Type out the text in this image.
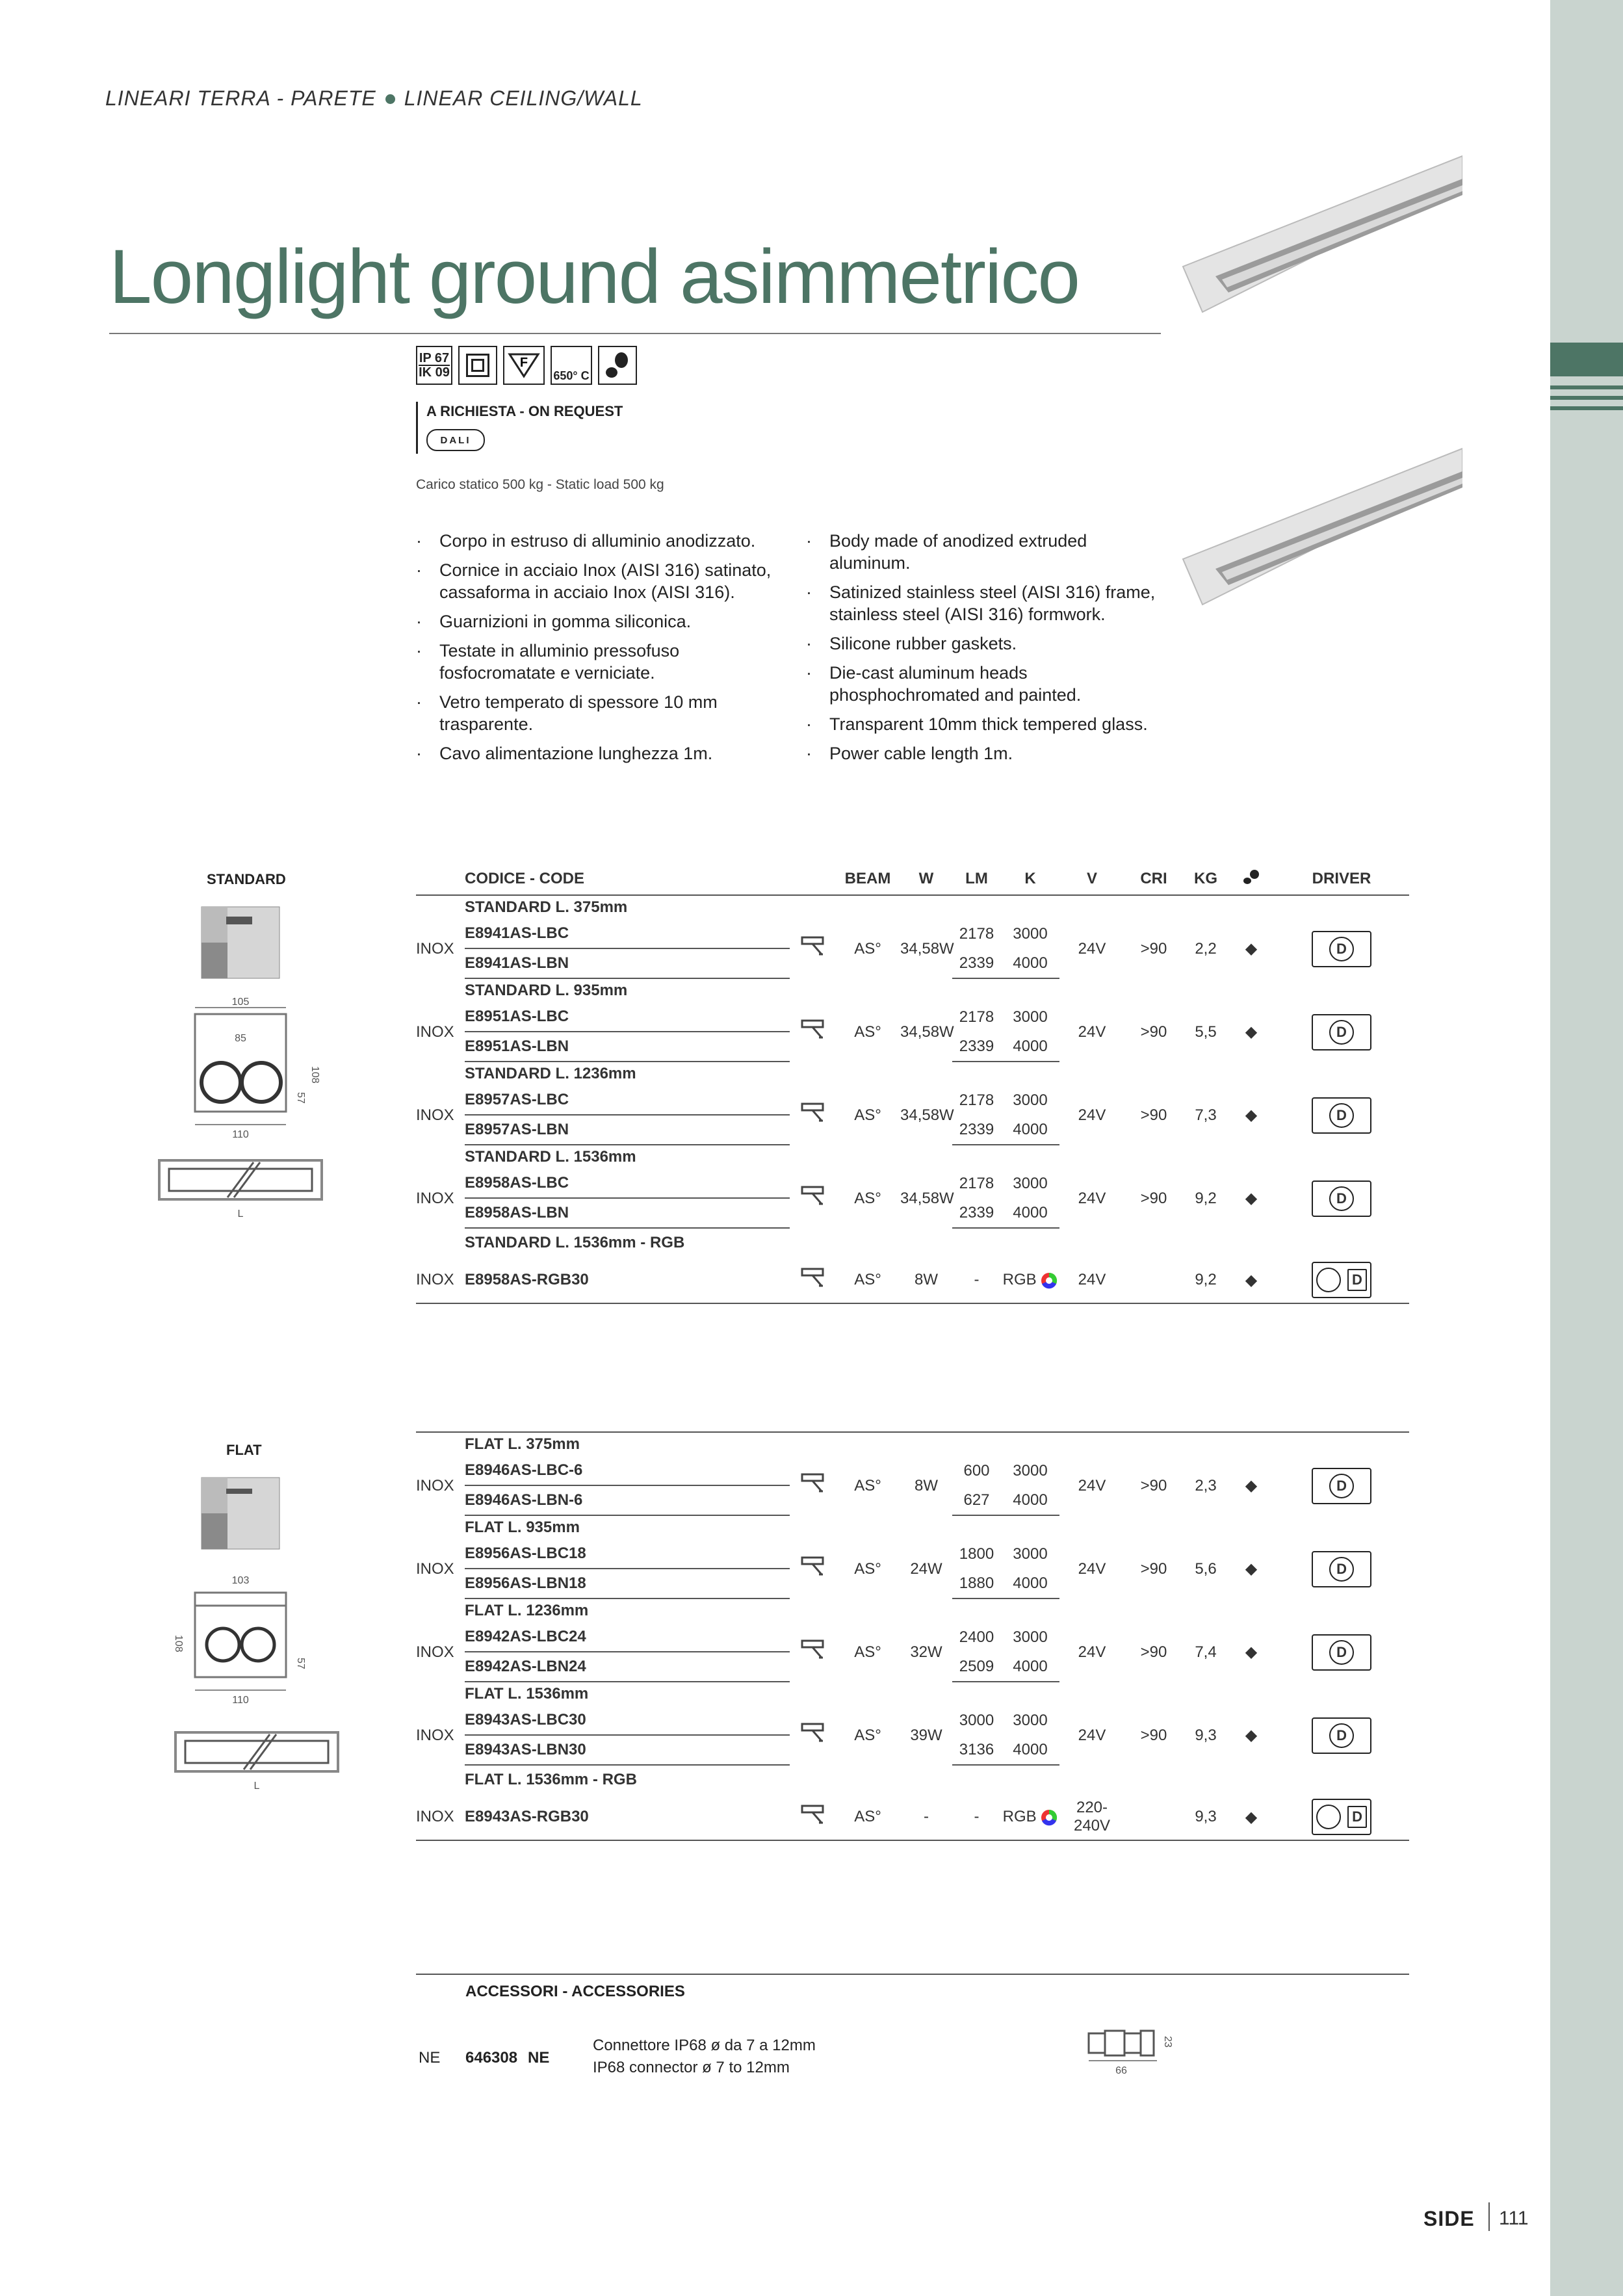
LINEARI TERRA - PARETE LINEAR CEILING/WALL
Longlight ground asimmetrico
IP 67
IK 09
F
650° C
A RICHIESTA - ON REQUEST
DALI
Carico statico 500 kg - Static load 500 kg
· Corpo in estruso di alluminio anodizzato.
· Cornice in acciaio Inox (AISI 316) satinato, cassaforma in acciaio Inox (AISI 316).
· Guarnizioni in gomma siliconica.
· Testate in alluminio pressofuso fosfocromatate e verniciate.
· Vetro temperato di spessore 10 mm trasparente.
· Cavo alimentazione lunghezza 1m.
· Body made of anodized extruded aluminum.
· Satinized stainless steel (AISI 316) frame, stainless steel (AISI 316) formwork.
· Silicone rubber gaskets.
· Die-cast aluminum heads phosphochromated and painted.
· Transparent 10mm thick tempered glass.
· Power cable length 1m.
STANDARD
105
85
110
108
57
L
FLAT
103
110
108
57
L
	CODICE - CODE		BEAM	W	LM	K	V	CRI	KG		DRIVER
	STANDARD L. 375mm										
INOX	E8941AS-LBC		AS°	34,58W	2178	3000	24V	>90	2,2	◆	D

	E8941AS-LBN				2339	4000					
	STANDARD L. 935mm										
INOX	E8951AS-LBC		AS°	34,58W	2178	3000	24V	>90	5,5	◆	D

	E8951AS-LBN				2339	4000					
	STANDARD L. 1236mm										
INOX	E8957AS-LBC		AS°	34,58W	2178	3000	24V	>90	7,3	◆	D

	E8957AS-LBN				2339	4000					
	STANDARD L. 1536mm										
INOX	E8958AS-LBC		AS°	34,58W	2178	3000	24V	>90	9,2	◆	D

	E8958AS-LBN				2339	4000					
	STANDARD L. 1536mm - RGB										
INOX	E8958AS-RGB30		AS°	8W	-	RGB	24V		9,2	◆	D
	FLAT L. 375mm										
INOX	E8946AS-LBC-6		AS°	8W	600	3000	24V	>90	2,3	◆	D

	E8946AS-LBN-6				627	4000					
	FLAT L. 935mm										
INOX	E8956AS-LBC18		AS°	24W	1800	3000	24V	>90	5,6	◆	D

	E8956AS-LBN18				1880	4000					
	FLAT L. 1236mm										
INOX	E8942AS-LBC24		AS°	32W	2400	3000	24V	>90	7,4	◆	D

	E8942AS-LBN24				2509	4000					
	FLAT L. 1536mm										
INOX	E8943AS-LBC30		AS°	39W	3000	3000	24V	>90	9,3	◆	D

	E8943AS-LBN30				3136	4000					
	FLAT L. 1536mm - RGB										
INOX	E8943AS-RGB30		AS°	-	-	RGB	220-240V		9,3	◆	D
ACCESSORI - ACCESSORIES
NE 646308 NE
Connettore IP68 ø da 7 a 12mm
IP68 connector ø 7 to 12mm	66
23
SIDE 111
